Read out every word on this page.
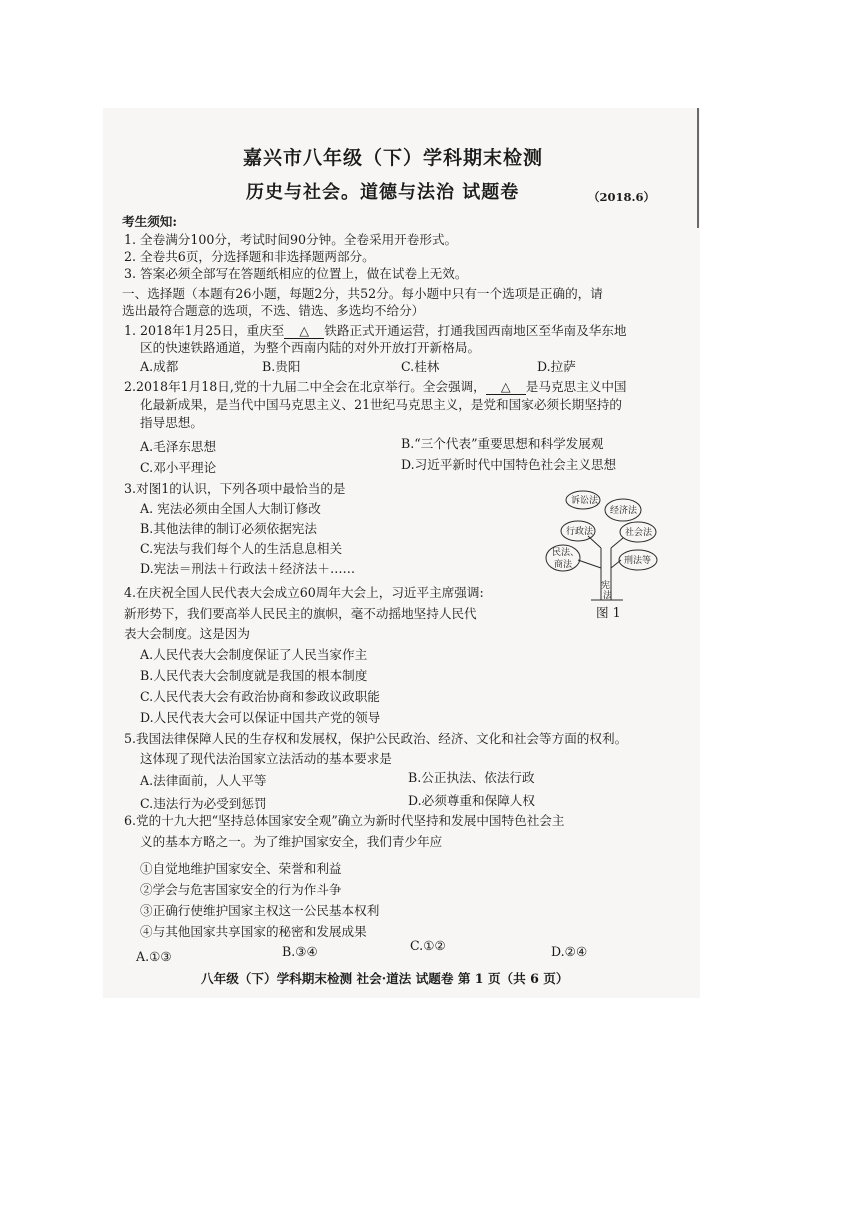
嘉兴市八年级（下）学科期末检测
历史与社会。道德与法治 试题卷	（2018.6）
考生须知:
1. 全卷满分100分，考试时间90分钟。全卷采用开卷形式。
2. 全卷共6页，分选择题和非选择题两部分。
3. 答案必须全部写在答题纸相应的位置上，做在试卷上无效。
一、选择题（本题有26小题，每题2分，共52分。每小题中只有一个选项是正确的，请
选出最符合题意的选项，不选、错选、多选均不给分）
1. 2018年1月25日，重庆至 △ 铁路正式开通运营，打通我国西南地区至华南及华东地
区的快速铁路通道，为整个西南内陆的对外开放打开新格局。
A.成都	B.贵阳	C.桂林	D.拉萨
2.2018年1月18日,党的十九届二中全会在北京举行。全会强调， △ 是马克思主义中国
化最新成果，是当代中国马克思主义、21世纪马克思主义，是党和国家必须长期坚持的
指导思想。
A.毛泽东思想	B.“三个代表”重要思想和科学发展观
C.邓小平理论	D.习近平新时代中国特色社会主义思想
3.对图1的认识，下列各项中最恰当的是
A. 宪法必须由全国人大制订修改
B.其他法律的制订必须依据宪法
C.宪法与我们每个人的生活息息相关
D.宪法＝刑法＋行政法＋经济法＋……
诉讼法
经济法
行政法	社会法
民法、
商法
宪
法
刑法等
图 1
4.在庆祝全国人民代表大会成立60周年大会上，习近平主席强调:
新形势下，我们要高举人民民主的旗帜，毫不动摇地坚持人民代
表大会制度。这是因为
A.人民代表大会制度保证了人民当家作主
B.人民代表大会制度就是我国的根本制度
C.人民代表大会有政治协商和参政议政职能
D.人民代表大会可以保证中国共产党的领导
5.我国法律保障人民的生存权和发展权，保护公民政治、经济、文化和社会等方面的权利。
这体现了现代法治国家立法活动的基本要求是
A.法律面前，人人平等	B.公正执法、依法行政
C.违法行为必受到惩罚	D.必须尊重和保障人权
6.党的十九大把“坚持总体国家安全观”确立为新时代坚持和发展中国特色社会主
义的基本方略之一。为了维护国家安全，我们青少年应
①自觉地维护国家安全、荣誉和利益
②学会与危害国家安全的行为作斗争
③正确行使维护国家主权这一公民基本权利
④与其他国家共享国家的秘密和发展成果
A.①③	B.③④	C.①②	D.②④
八年级（下）学科期末检测 社会·道法 试题卷 第 1 页（共 6 页）
